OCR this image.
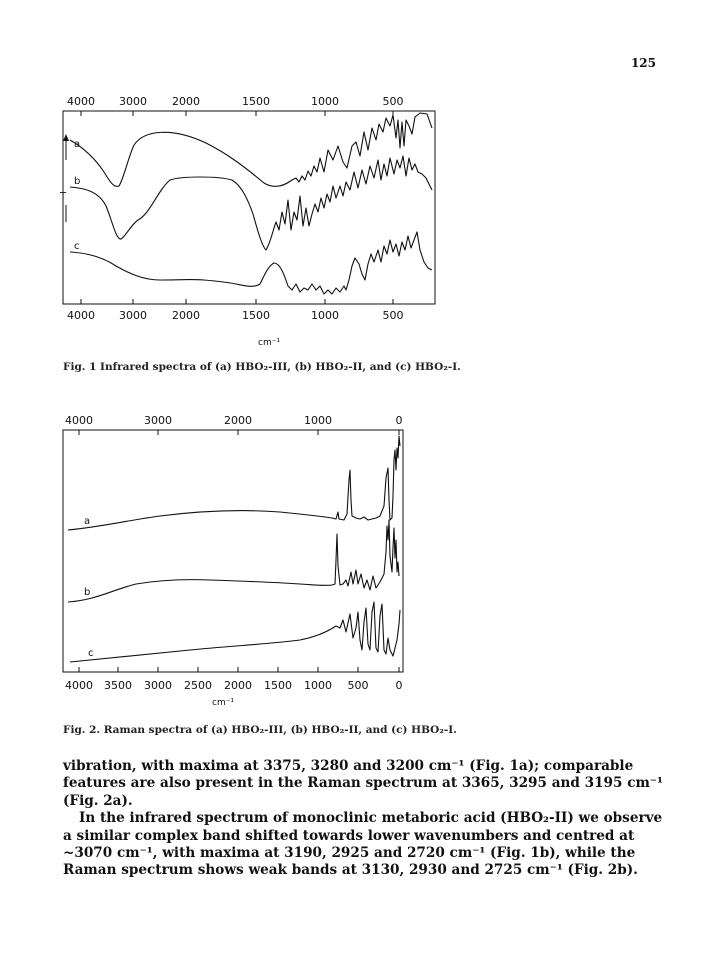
125
4000 3000 2000	1500	1000	500
T
a
b
c
4000 3000 2000	1500	1000	500
cm⁻¹
Fig. 1 Infrared spectra of (a) HBO₂-III, (b) HBO₂-II, and (c) HBO₂-I.
4000	3000	2000	1000	0
a
b
c
4000 3500 3000 2500 2000 1500 1000 500 0
cm⁻¹
Fig. 2. Raman spectra of (a) HBO₂-III, (b) HBO₂-II, and (c) HBO₂-I.

vibration, with maxima at 3375, 3280 and 3200 cm⁻¹ (Fig. 1a); comparable features are also present in the Raman spectrum at 3365, 3295 and 3195 cm⁻¹ (Fig. 2a).

In the infrared spectrum of monoclinic metaboric acid (HBO₂-II) we observe a similar complex band shifted towards lower wavenumbers and centred at ~3070 cm⁻¹, with maxima at 3190, 2925 and 2720 cm⁻¹ (Fig. 1b), while the Raman spectrum shows weak bands at 3130, 2930 and 2725 cm⁻¹ (Fig. 2b).
